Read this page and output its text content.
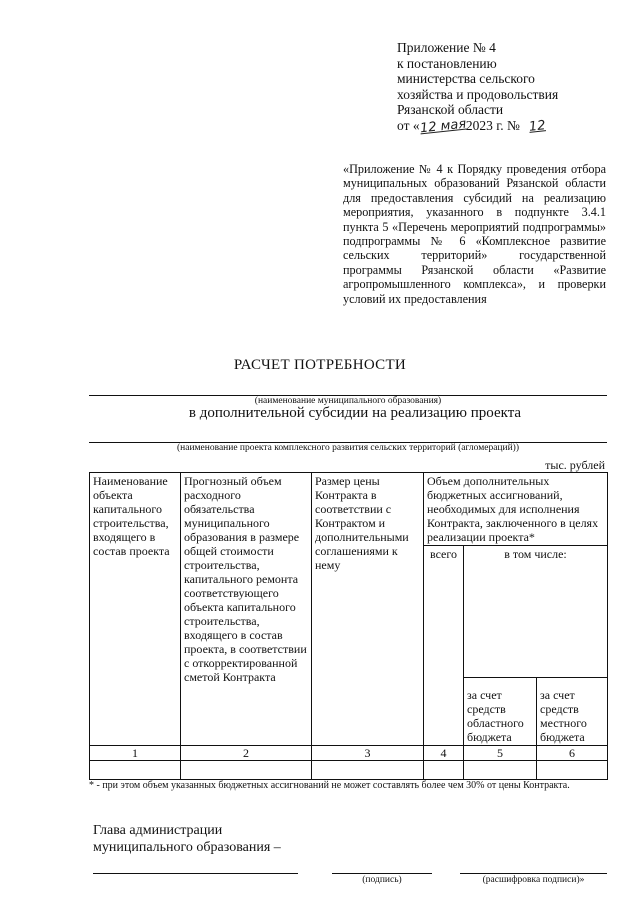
Приложение № 4
к постановлению
министерства сельского
хозяйства и продовольствия
Рязанской области
от «12 мая2023 г. № 12

«Приложение № 4 к Порядку проведения отбора муниципальных образований Рязанской области для предоставления субсидий на реализацию мероприятия, указанного в подпункте 3.4.1 пункта 5 «Перечень мероприятий подпрограммы» подпрограммы № 6 «Комплексное развитие сельских территорий» государственной программы Рязанской области «Развитие агропромышленного комплекса», и проверки условий их предоставления

РАСЧЕТ ПОТРЕБНОСТИ
(наименование муниципального образования)
в дополнительной субсидии на реализацию проекта
(наименование проекта комплексного развития сельских территорий (агломераций))
тыс. рублей
Наименование объекта капитального строительства, входящего в состав проекта	Прогнозный объем расходного обязательства муниципального образования в размере общей стоимости строительства, капитального ремонта соответствующего объекта капитального строительства, входящего в состав проекта, в соответствии с откорректированной сметой Контракта	Размер цены Контракта в соответствии с Контрактом и дополнительными соглашениями к нему	Объем дополнительных бюджетных ассигнований, необходимых для исполнения Контракта, заключенного в целях реализации проекта*		
			всего	в том числе:	
				за счет средств областного бюджета	за счет средств местного бюджета
1	2	3	4	5	6

* - при этом объем указанных бюджетных ассигнований не может составлять более чем 30% от цены Контракта.
Глава администрации
муниципального образования –
(подпись)	(расшифровка подписи)»
